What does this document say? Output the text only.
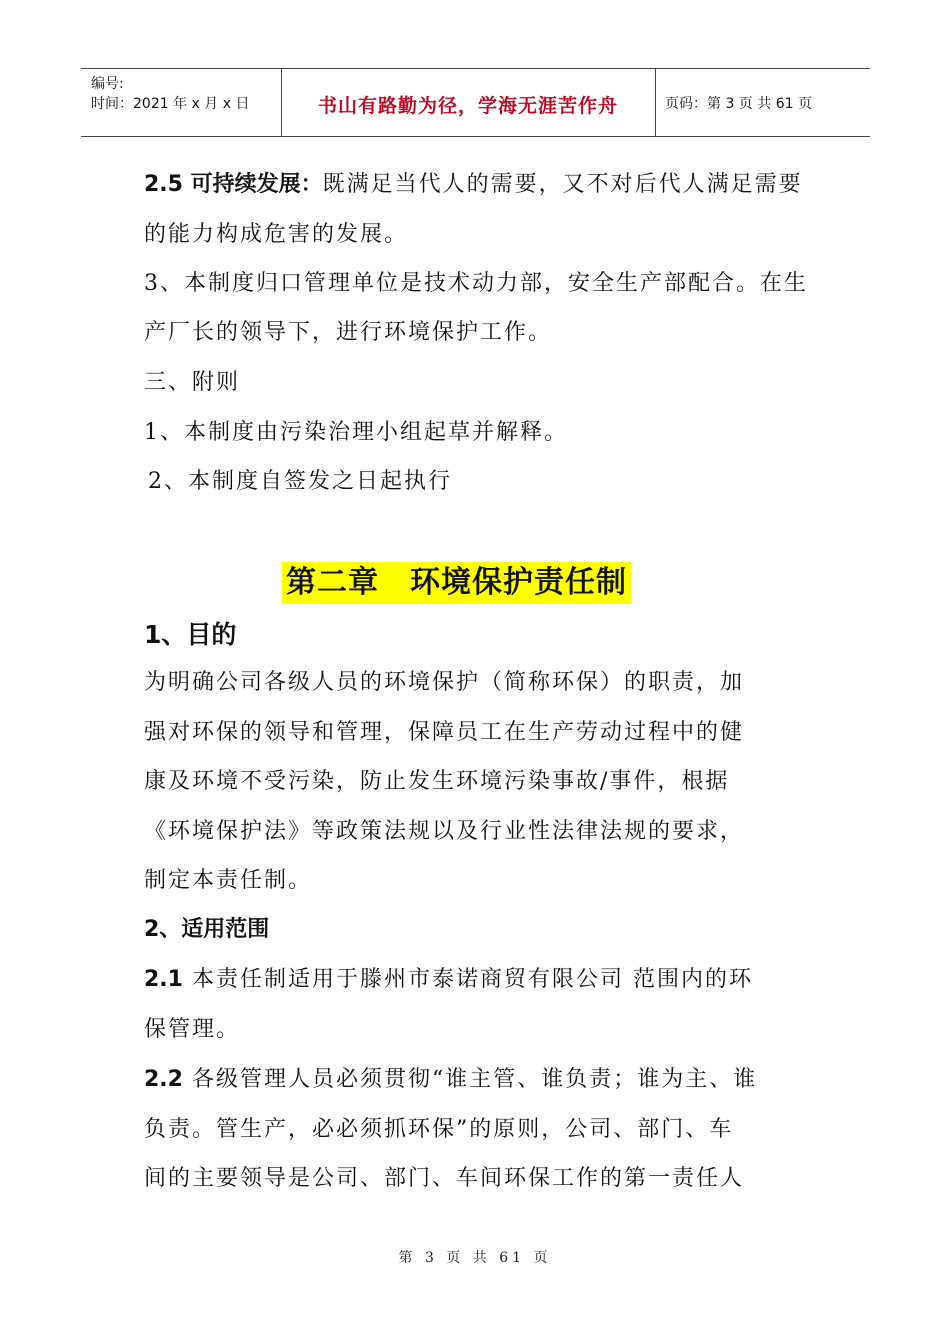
编号:
时间：2021 年 x 月 x 日	书山有路勤为径，学海无涯苦作舟	页码：第 3 页 共 61 页
2.5 可持续发展：既满足当代人的需要，又不对后代人满足需要
的能力构成危害的发展。
3、本制度归口管理单位是技术动力部，安全生产部配合。在生
产厂长的领导下，进行环境保护工作。
三、附则
1、本制度由污染治理小组起草并解释。
2、本制度自签发之日起执行
第二章　环境保护责任制
1、目的
为明确公司各级人员的环境保护（简称环保）的职责，加
强对环保的领导和管理，保障员工在生产劳动过程中的健
康及环境不受污染，防止发生环境污染事故/事件，根据
《环境保护法》等政策法规以及行业性法律法规的要求，
制定本责任制。
2、适用范围
2.1 本责任制适用于滕州市泰诺商贸有限公司 范围内的环
保管理。
2.2 各级管理人员必须贯彻“谁主管、谁负责；谁为主、谁
负责。管生产，必必须抓环保”的原则，公司、部门、车
间的主要领导是公司、部门、车间环保工作的第一责任人
第 3 页 共 61 页
